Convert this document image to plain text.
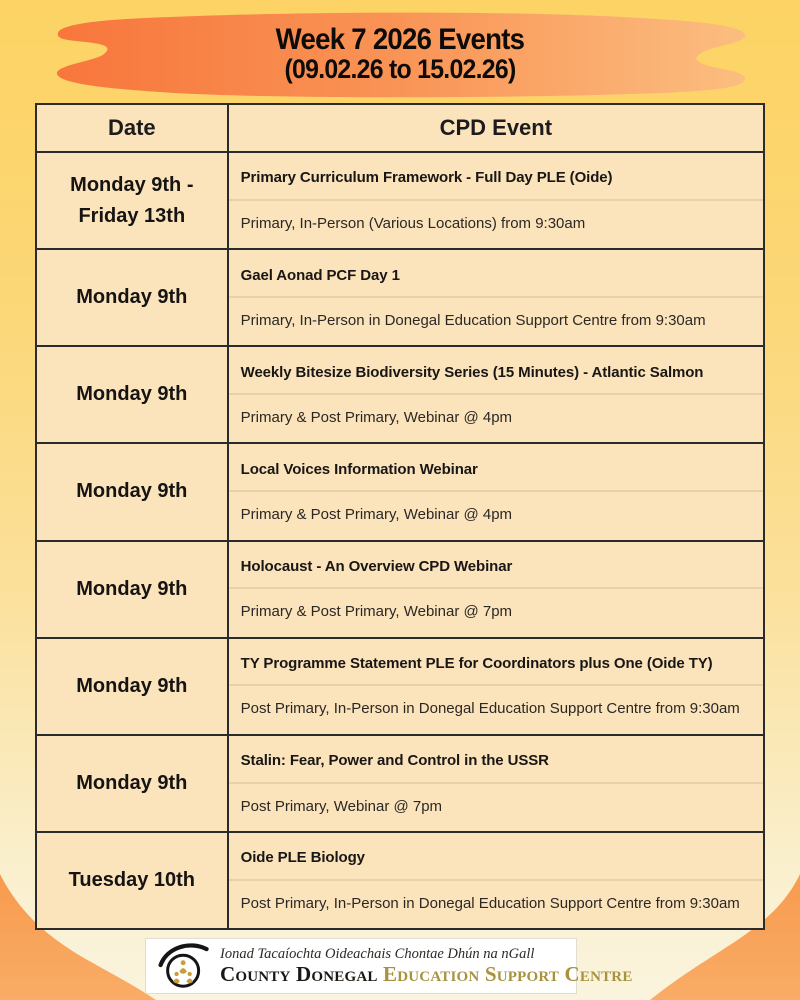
Week 7 2026 Events
(09.02.26 to 15.02.26)
Date	CPD Event
Monday 9th - Friday 13th
Primary Curriculum Framework - Full Day PLE (Oide)
Primary, In-Person (Various Locations) from 9:30am
Monday 9th
Gael Aonad PCF Day 1
Primary, In-Person in Donegal Education Support Centre from 9:30am
Monday 9th
Weekly Bitesize Biodiversity Series (15 Minutes) - Atlantic Salmon
Primary & Post Primary, Webinar @ 4pm
Monday 9th
Local Voices Information Webinar
Primary & Post Primary, Webinar @ 4pm
Monday 9th
Holocaust - An Overview CPD Webinar
Primary & Post Primary, Webinar @ 7pm
Monday 9th
TY Programme Statement PLE for Coordinators plus One (Oide TY)
Post Primary, In-Person in Donegal Education Support Centre from 9:30am
Monday 9th
Stalin: Fear, Power and Control in the USSR
Post Primary, Webinar @ 7pm
Tuesday 10th
Oide PLE Biology
Post Primary, In-Person in Donegal Education Support Centre from 9:30am
Ionad Tacaíochta Oideachais Chontae Dhún na nGall
County Donegal Education Support Centre
